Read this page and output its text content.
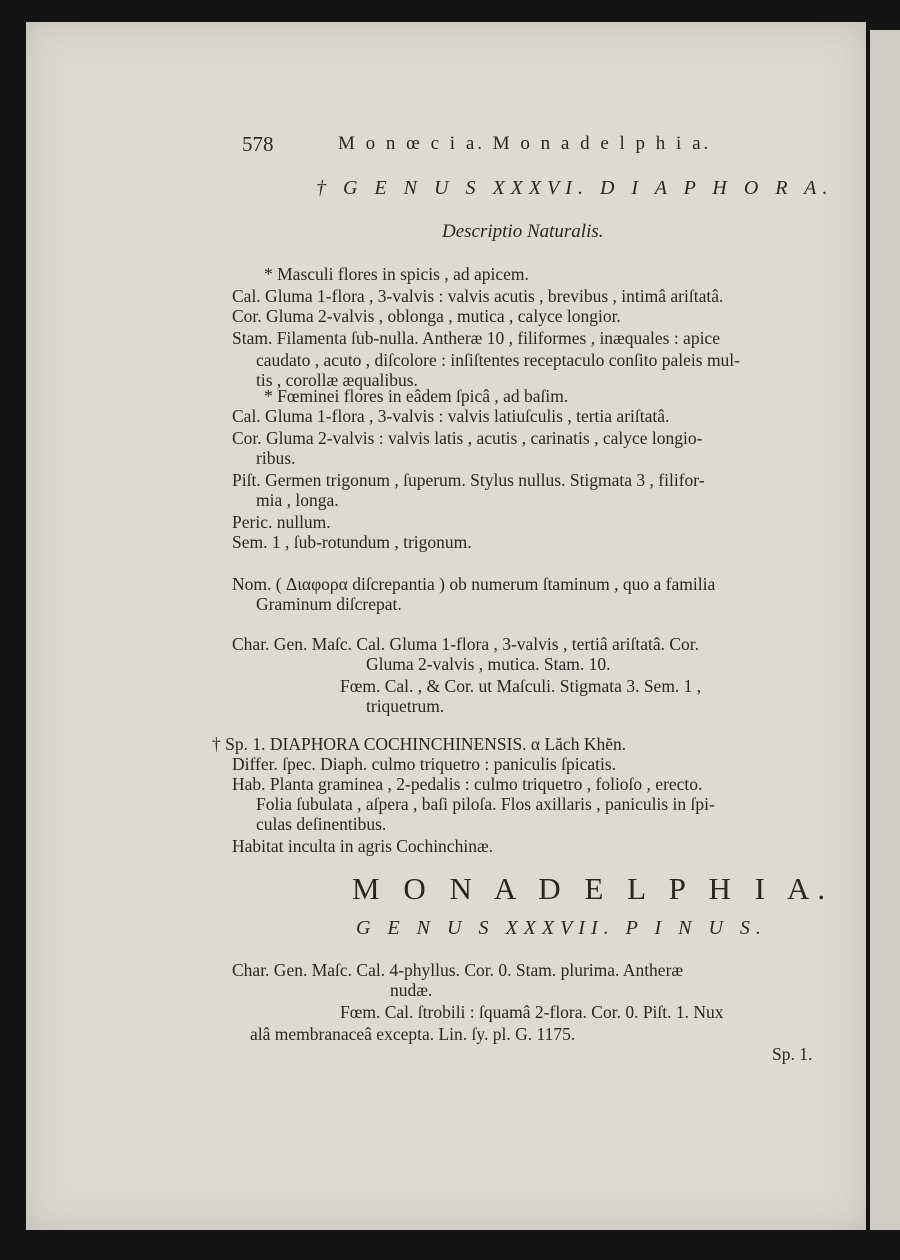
578	M o n œ c i a. M o n a d e l p h i a.
† G E N U S XXXVI. D I A P H O R A.
Descriptio Naturalis.
* Masculi flores in spicis , ad apicem.
Cal. Gluma 1-flora , 3-valvis : valvis acutis , brevibus , intimâ ariſtatâ.
Cor. Gluma 2-valvis , oblonga , mutica , calyce longior.
Stam. Filamenta ſub-nulla. Antheræ 10 , filiformes , inæquales : apice
caudato , acuto , diſcolore : inſiſtentes receptaculo conſito paleis mul-
tis , corollæ æqualibus.
* Fœminei flores in eâdem ſpicâ , ad baſim.
Cal. Gluma 1-flora , 3-valvis : valvis latiuſculis , tertia ariſtatâ.
Cor. Gluma 2-valvis : valvis latis , acutis , carinatis , calyce longio-
ribus.
Piſt. Germen trigonum , ſuperum. Stylus nullus. Stigmata 3 , filifor-
mia , longa.
Peric. nullum.
Sem. 1 , ſub-rotundum , trigonum.
Nom. ( Διαφορα diſcrepantia ) ob numerum ſtaminum , quo a familia
Graminum diſcrepat.
Char. Gen. Maſc. Cal. Gluma 1-flora , 3-valvis , tertiâ ariſtatâ. Cor.
Gluma 2-valvis , mutica. Stam. 10.
Fœm. Cal. , & Cor. ut Maſculi. Stigmata 3. Sem. 1 ,
triquetrum.
† Sp. 1. DIAPHORA COCHINCHINENSIS. α Lăch Khĕn.
Differ. ſpec. Diaph. culmo triquetro : paniculis ſpicatis.
Hab. Planta graminea , 2-pedalis : culmo triquetro , folioſo , erecto.
Folia ſubulata , aſpera , baſi piloſa. Flos axillaris , paniculis in ſpi-
culas deſinentibus.
Habitat inculta in agris Cochinchinæ.
M O N A D E L P H I A.
G E N U S XXXVII. P I N U S.
Char. Gen. Maſc. Cal. 4-phyllus. Cor. 0. Stam. plurima. Antheræ
nudæ.
Fœm. Cal. ſtrobili : ſquamâ 2-flora. Cor. 0. Piſt. 1. Nux
alâ membranaceâ excepta. Lin. ſy. pl. G. 1175.
Sp. 1.
